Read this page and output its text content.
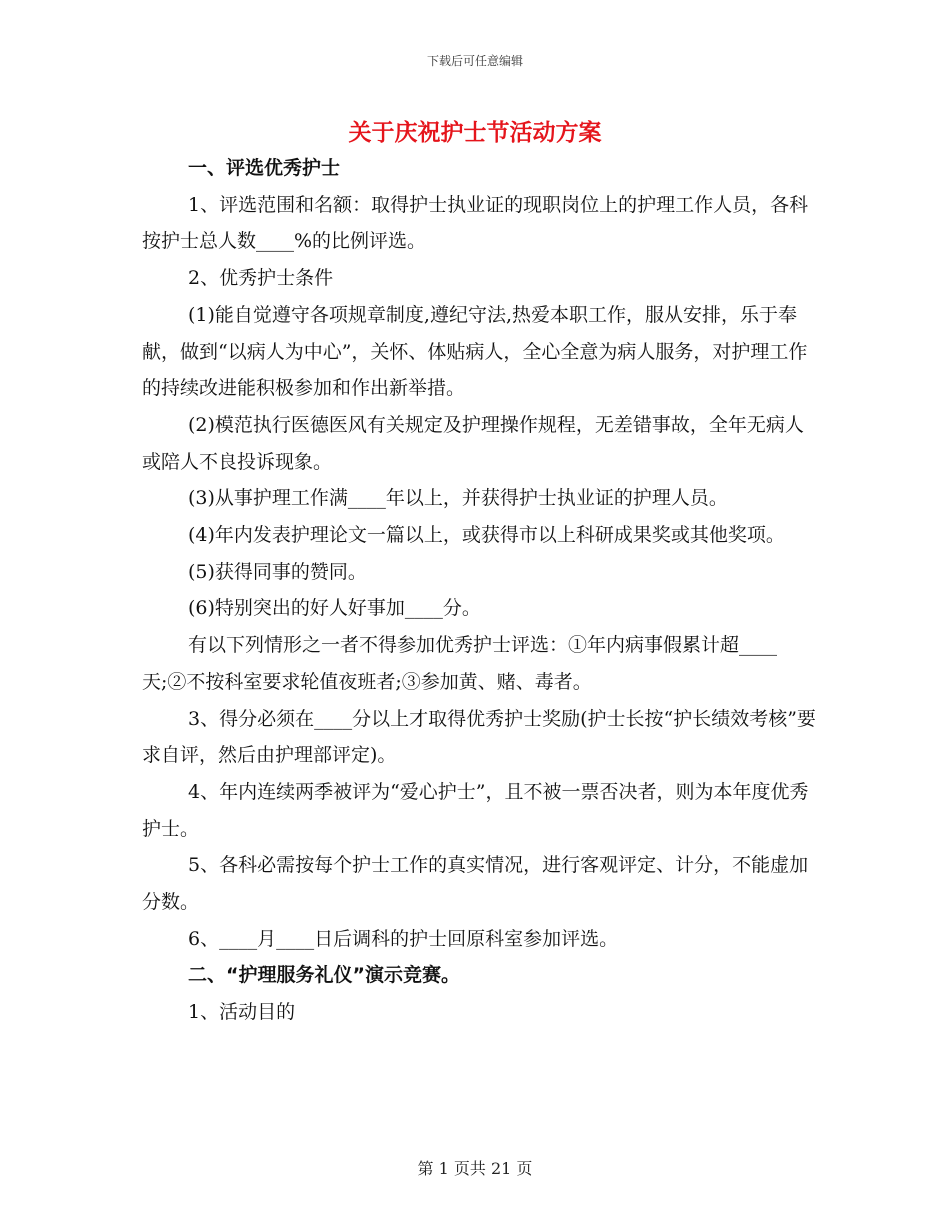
下载后可任意编辑
关于庆祝护士节活动方案

一、评选优秀护士

1、评选范围和名额：取得护士执业证的现职岗位上的护理工作人员，各科按护士总人数____%的比例评选。

2、优秀护士条件

(1)能自觉遵守各项规章制度,遵纪守法,热爱本职工作，服从安排，乐于奉献，做到“以病人为中心”，关怀、体贴病人，全心全意为病人服务，对护理工作的持续改进能积极参加和作出新举措。

(2)模范执行医德医风有关规定及护理操作规程，无差错事故，全年无病人或陪人不良投诉现象。

(3)从事护理工作满____年以上，并获得护士执业证的护理人员。

(4)年内发表护理论文一篇以上，或获得市以上科研成果奖或其他奖项。

(5)获得同事的赞同。

(6)特别突出的好人好事加____分。

有以下列情形之一者不得参加优秀护士评选：①年内病事假累计超____天;②不按科室要求轮值夜班者;③参加黄、赌、毒者。

3、得分必须在____分以上才取得优秀护士奖励(护士长按“护长绩效考核”要求自评，然后由护理部评定)。

4、年内连续两季被评为“爱心护士”，且不被一票否决者，则为本年度优秀护士。

5、各科必需按每个护士工作的真实情况，进行客观评定、计分，不能虚加分数。

6、____月____日后调科的护士回原科室参加评选。

二、“护理服务礼仪”演示竞赛。

1、活动目的

第 1 页共 21 页
